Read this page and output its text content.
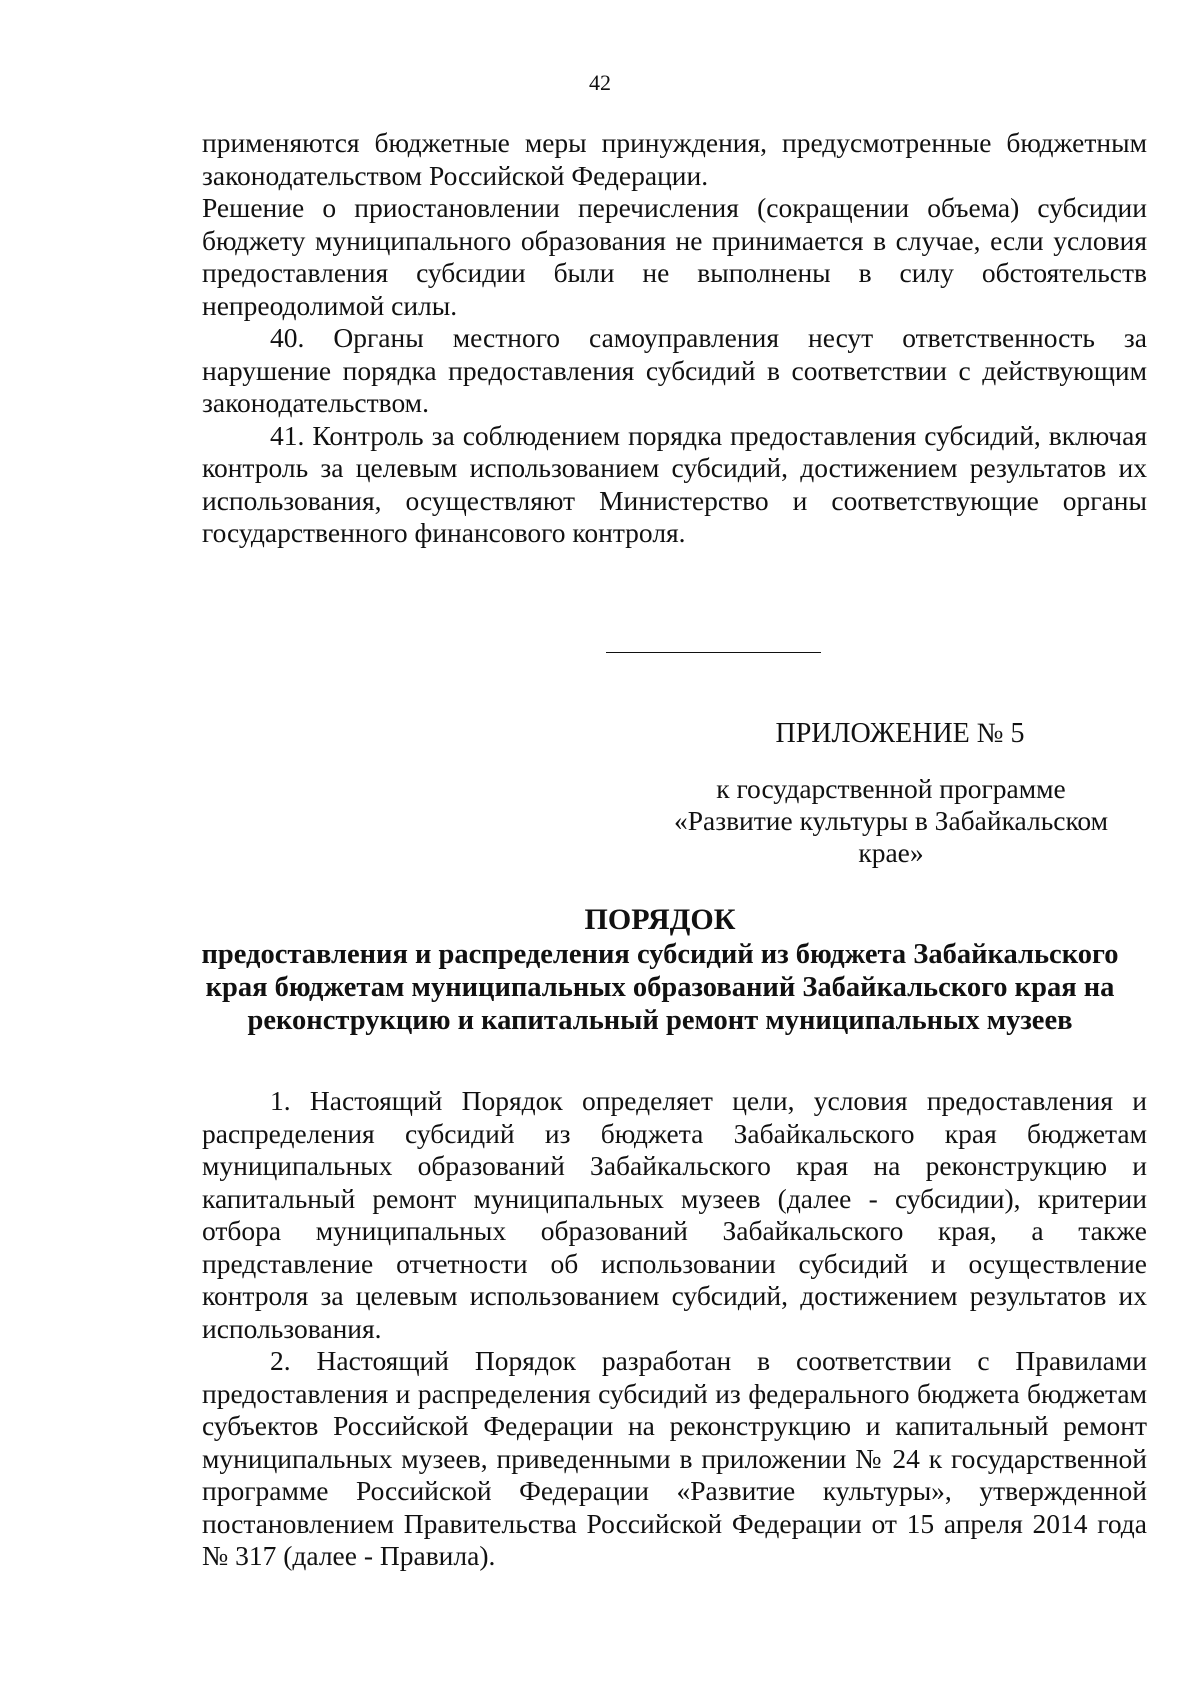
42

применяются бюджетные меры принуждения, предусмотренные бюджетным законодательством Российской Федерации.

Решение о приостановлении перечисления (сокращении объема) субсидии бюджету муниципального образования не принимается в случае, если условия предоставления субсидии были не выполнены в силу обстоятельств непреодолимой силы.

40. Органы местного самоуправления несут ответственность за нарушение порядка предоставления субсидий в соответствии с действующим законодательством.

41. Контроль за соблюдением порядка предоставления субсидий, включая контроль за целевым использованием субсидий, достижением результатов их использования, осуществляют Министерство и соответствующие органы государственного финансового контроля.

ПРИЛОЖЕНИЕ № 5
к государственной программе
«Развитие культуры в Забайкальском
крае»
ПОРЯДОК
предоставления и распределения субсидий из бюджета Забайкальского
края бюджетам муниципальных образований Забайкальского края на
реконструкцию и капитальный ремонт муниципальных музеев

1. Настоящий Порядок определяет цели, условия предоставления и распределения субсидий из бюджета Забайкальского края бюджетам муниципальных образований Забайкальского края на реконструкцию и капитальный ремонт муниципальных музеев (далее - субсидии), критерии отбора муниципальных образований Забайкальского края, а также представление отчетности об использовании субсидий и осуществление контроля за целевым использованием субсидий, достижением результатов их использования.

2. Настоящий Порядок разработан в соответствии с Правилами предоставления и распределения субсидий из федерального бюджета бюджетам субъектов Российской Федерации на реконструкцию и капитальный ремонт муниципальных музеев, приведенными в приложении № 24 к государственной программе Российской Федерации «Развитие культуры», утвержденной постановлением Правительства Российской Федерации от 15 апреля 2014 года № 317 (далее - Правила).
